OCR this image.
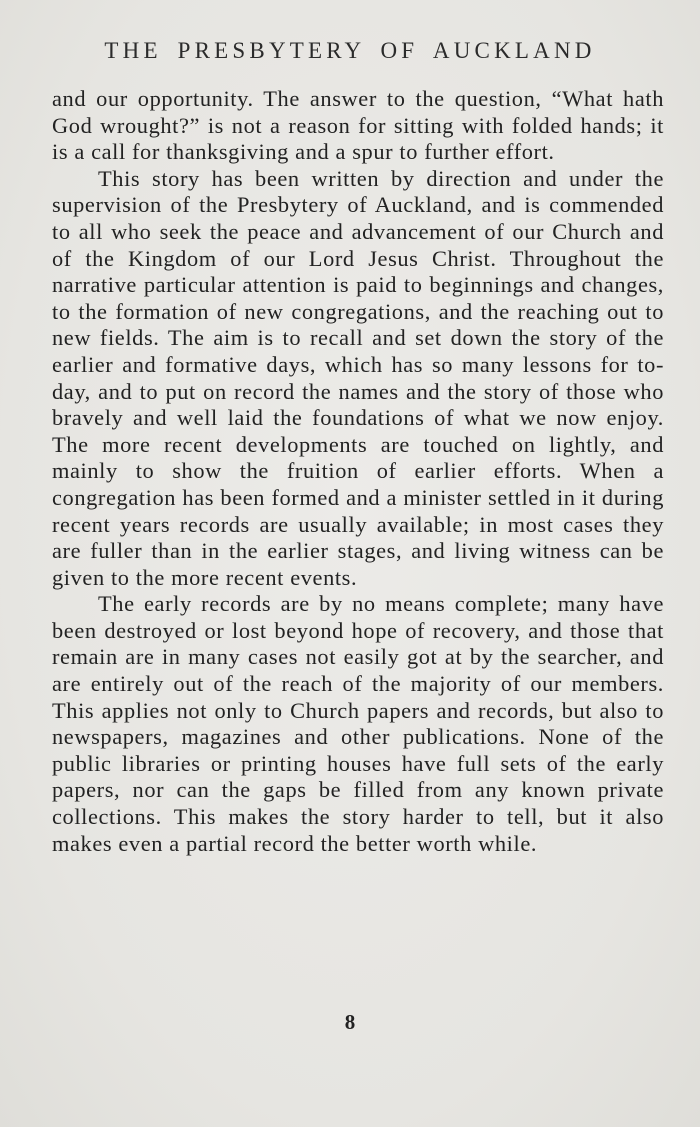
THE PRESBYTERY OF AUCKLAND

and our opportunity. The answer to the question, “What hath God wrought?” is not a reason for sitting with folded hands; it is a call for thanksgiving and a spur to further effort.

This story has been written by direction and under the supervision of the Presbytery of Auckland, and is commended to all who seek the peace and advancement of our Church and of the Kingdom of our Lord Jesus Christ. Throughout the narrative particular attention is paid to beginnings and changes, to the formation of new congregations, and the reaching out to new fields. The aim is to recall and set down the story of the earlier and formative days, which has so many lessons for to-day, and to put on record the names and the story of those who bravely and well laid the foundations of what we now enjoy. The more recent developments are touched on lightly, and mainly to show the fruition of earlier efforts. When a congregation has been formed and a minister settled in it during recent years records are usually available; in most cases they are fuller than in the earlier stages, and living witness can be given to the more recent events.

The early records are by no means complete; many have been destroyed or lost beyond hope of recovery, and those that remain are in many cases not easily got at by the searcher, and are entirely out of the reach of the majority of our members. This applies not only to Church papers and records, but also to newspapers, magazines and other publications. None of the public libraries or printing houses have full sets of the early papers, nor can the gaps be filled from any known private collections. This makes the story harder to tell, but it also makes even a partial record the better worth while.

8
